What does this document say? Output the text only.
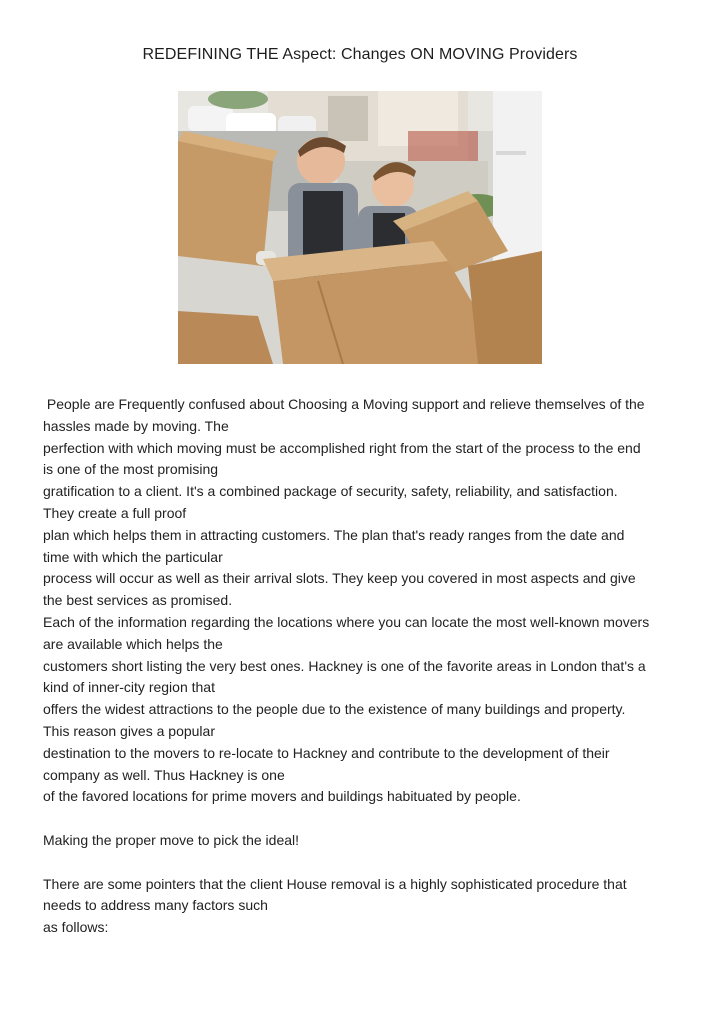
REDEFINING THE Aspect: Changes ON MOVING Providers
People are Frequently confused about Choosing a Moving support and relieve themselves of the
hassles made by moving. The
perfection with which moving must be accomplished right from the start of the process to the end
is one of the most promising
gratification to a client. It's a combined package of security, safety, reliability, and satisfaction.
They create a full proof
plan which helps them in attracting customers. The plan that's ready ranges from the date and
time with which the particular
process will occur as well as their arrival slots. They keep you covered in most aspects and give
the best services as promised.
Each of the information regarding the locations where you can locate the most well-known movers
are available which helps the
customers short listing the very best ones. Hackney is one of the favorite areas in London that's a
kind of inner-city region that
offers the widest attractions to the people due to the existence of many buildings and property.
This reason gives a popular
destination to the movers to re-locate to Hackney and contribute to the development of their
company as well. Thus Hackney is one
of the favored locations for prime movers and buildings habituated by people.
Making the proper move to pick the ideal!
There are some pointers that the client House removal is a highly sophisticated procedure that
needs to address many factors such
as follows:
